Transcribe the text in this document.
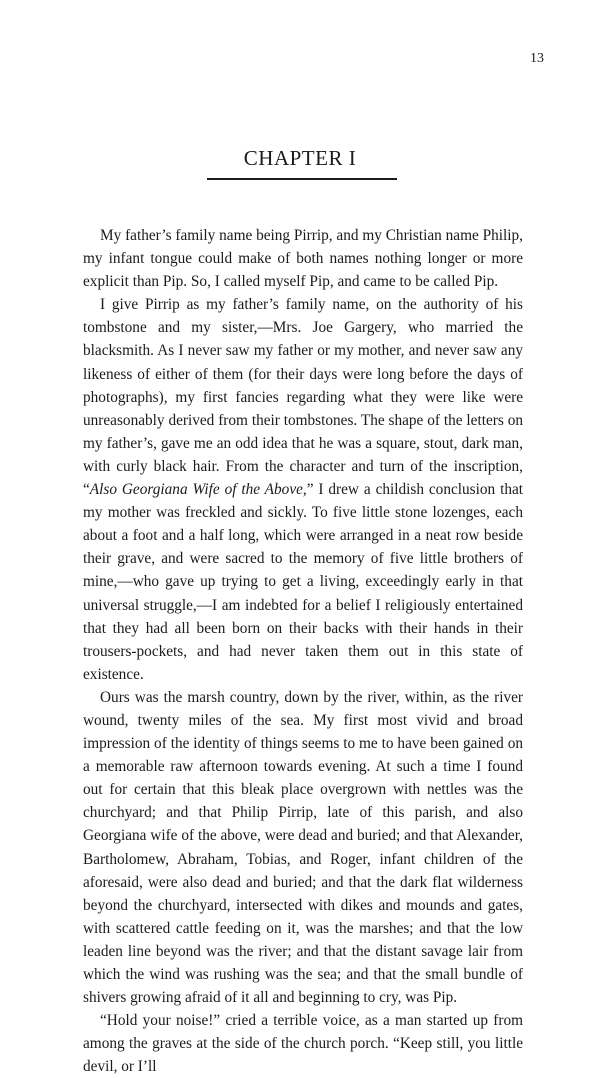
13
CHAPTER I

My father’s family name being Pirrip, and my Christian name Philip, my infant tongue could make of both names nothing longer or more explicit than Pip. So, I called myself Pip, and came to be called Pip.

I give Pirrip as my father’s family name, on the authority of his tombstone and my sister,—Mrs. Joe Gargery, who married the blacksmith. As I never saw my father or my mother, and never saw any likeness of either of them (for their days were long before the days of photographs), my first fancies regarding what they were like were unreasonably derived from their tombstones. The shape of the letters on my father’s, gave me an odd idea that he was a square, stout, dark man, with curly black hair. From the character and turn of the inscription, “Also Georgiana Wife of the Above,” I drew a childish conclusion that my mother was freckled and sickly. To five little stone lozenges, each about a foot and a half long, which were arranged in a neat row beside their grave, and were sacred to the memory of five little brothers of mine,—who gave up trying to get a living, exceedingly early in that universal struggle,—I am indebted for a belief I religiously entertained that they had all been born on their backs with their hands in their trousers-pockets, and had never taken them out in this state of existence.

Ours was the marsh country, down by the river, within, as the river wound, twenty miles of the sea. My first most vivid and broad impression of the identity of things seems to me to have been gained on a memorable raw afternoon towards evening. At such a time I found out for certain that this bleak place overgrown with nettles was the churchyard; and that Philip Pirrip, late of this parish, and also Georgiana wife of the above, were dead and buried; and that Alexander, Bartholomew, Abraham, Tobias, and Roger, infant children of the aforesaid, were also dead and buried; and that the dark flat wilderness beyond the churchyard, intersected with dikes and mounds and gates, with scattered cattle feeding on it, was the marshes; and that the low leaden line beyond was the river; and that the distant savage lair from which the wind was rushing was the sea; and that the small bundle of shivers growing afraid of it all and beginning to cry, was Pip.

“Hold your noise!” cried a terrible voice, as a man started up from among the graves at the side of the church porch. “Keep still, you little devil, or I’ll
